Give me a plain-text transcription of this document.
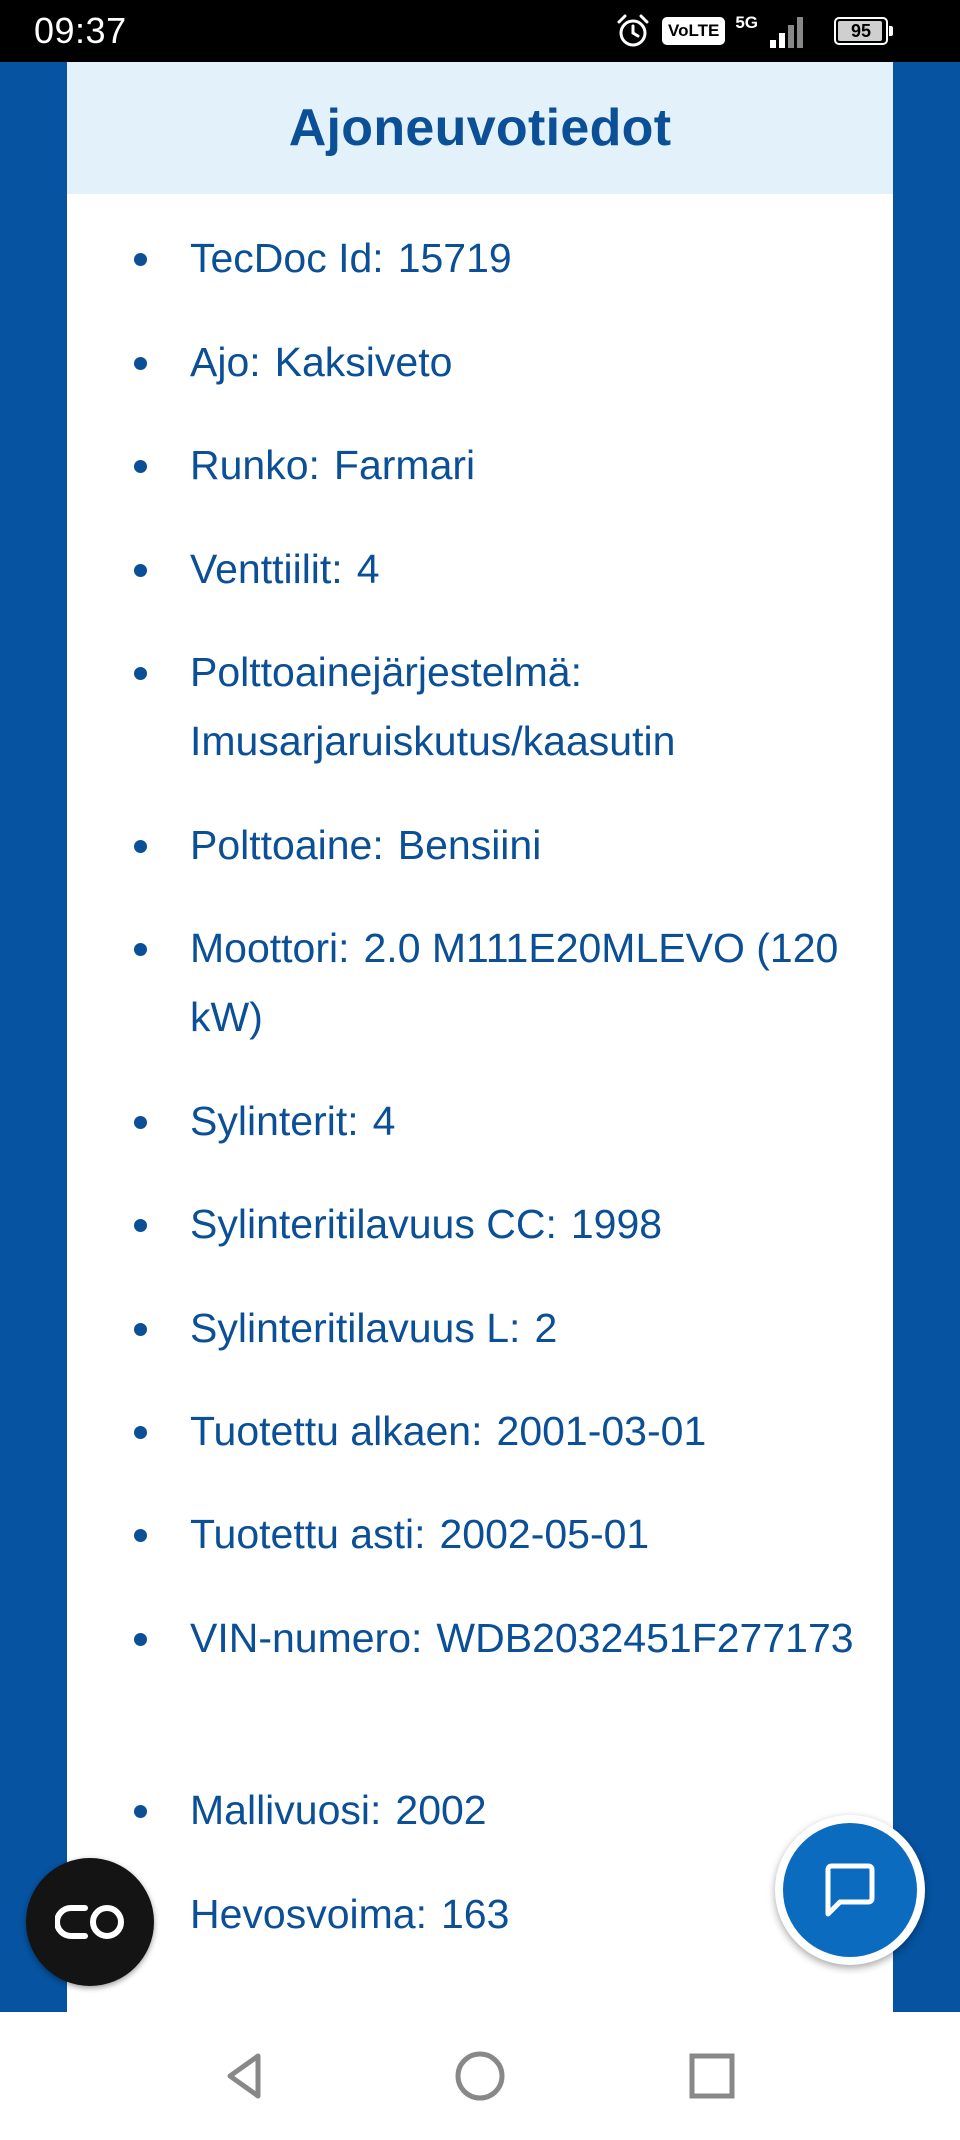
09:37	VoLTE 5G	95
Ajoneuvotiedot
TecDoc Id: 15719
Ajo: Kaksiveto
Runko: Farmari
Venttiilit: 4
Polttoainejärjestelmä:Imusarjaruiskutus/kaasutin
Polttoaine: Bensiini
Moottori: 2.0 M111E20MLEVO (120 kW)
Sylinterit: 4
Sylinteritilavuus CC: 1998
Sylinteritilavuus L: 2
Tuotettu alkaen: 2001-03-01
Tuotettu asti: 2002-05-01
VIN-numero: WDB2032451F277173
Mallivuosi: 2002
Hevosvoima: 163
